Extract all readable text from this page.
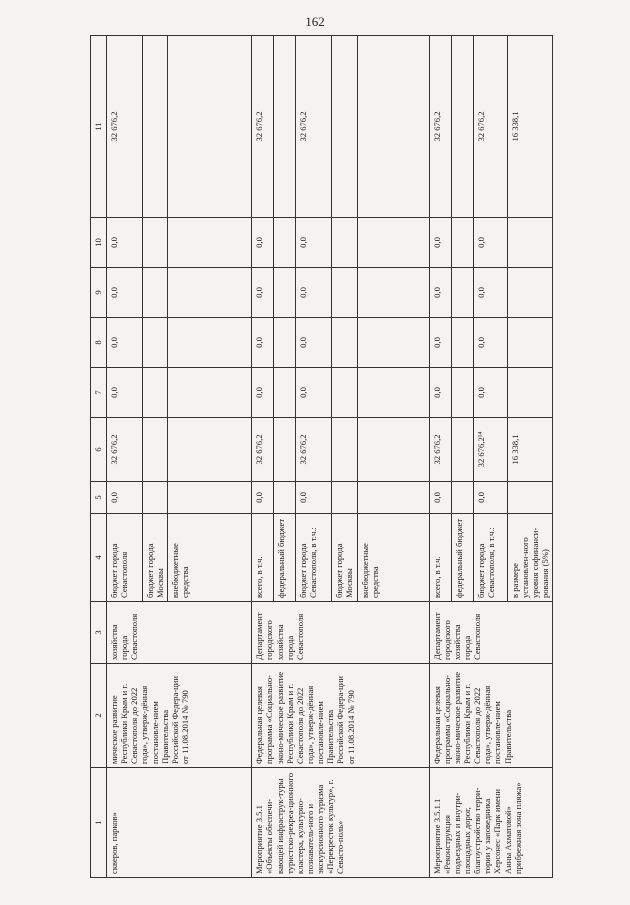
162
1	2	3	4	5	6	7	8	9	10	11
скверов, парков»	мическое развитие Республики Крым и г. Севастополя до 2022 года», утверж-дённая постановле-нием Правительства Российской Федера-ции от 11.08.2014 № 790	хозяйства города Севастополя	бюджет города Севастополя	0,0	32 676,2	0,0	0,0	0,0	0,0	32 676,2
			бюджет города Москвы							
			внебюджетные средства							
Мероприятие 3.5.1 «Объекты обеспечи-вающей инфраструк-туры туристско-рекреа-ционного кластера, культурно-познаватель-ного и экскурсионного туризма «Перекресток культур», г. Севасто-поль»	Федеральная целевая программа «Социально-эконо-мическое развитие Республики Крым и г. Севастополя до 2022 года», утверж-дённая постановле-нием Правительства Российской Федера-ции от 11.08.2014 № 790	Департамент городского хозяйства города Севастополя	всего, в т.ч.	0,0	32 676,2	0,0	0,0	0,0	0,0	32 676,2
			федеральный бюджет							
			бюджет города Севастополя, в т.ч.:	0,0	32 676,2	0,0	0,0	0,0	0,0	32 676,2
			бюджет города Москвы							
			внебюджетные средства							
Мероприятие 3.5.1.1 «Реконструкция подъездных и внутри-площадных дорог, благоустройство терри-тории у заповедника Херсонес «Парк имени Анны Ахматовой» прибрежная зона пляжа»	Федеральная целевая программа «Социально-эконо-мическое развитие Республики Крым и г. Севастополя до 2022 года», утверж-дённая постановле-нием Правительства	Департамент городского хозяйства города Севастополя	всего, в т.ч.	0,0	32 676,2	0,0	0,0	0,0	0,0	32 676,2
			федеральный бюджет							
			бюджет города Севастополя, в т.ч.:	0,0	32 676,2¹⁴	0,0	0,0	0,0	0,0	32 676,2
			в размере установлен-ного уровня софинанси-рования (5%)		16 338,1					16 338,1
